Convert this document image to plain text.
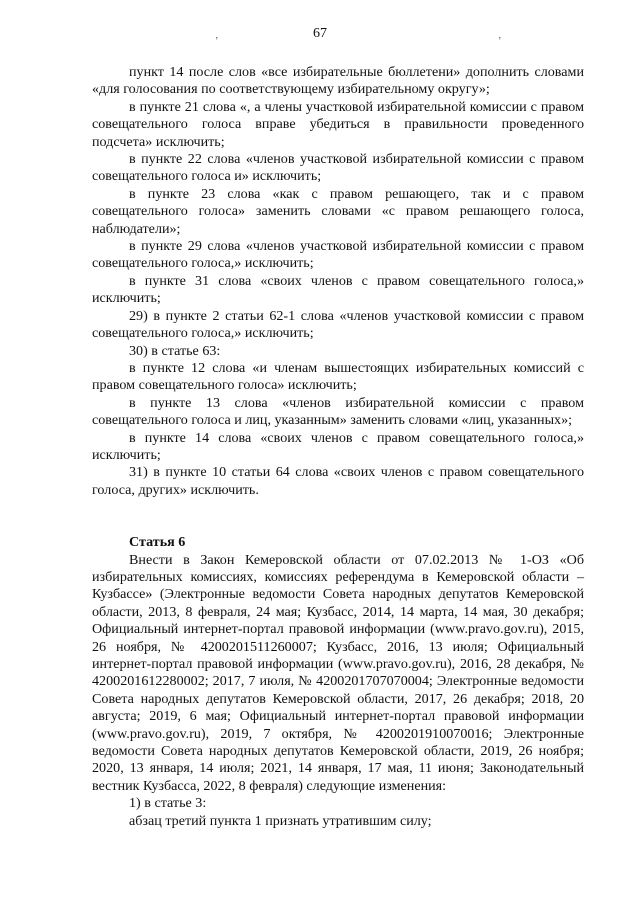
67
’	’

пункт 14 после слов «все избирательные бюллетени» дополнить словами «для голосования по соответствующему избирательному округу»;

в пункте 21 слова «, а члены участковой избирательной комиссии с правом совещательного голоса вправе убедиться в правильности проведенного подсчета» исключить;

в пункте 22 слова «членов участковой избирательной комиссии с правом совещательного голоса и» исключить;

в пункте 23 слова «как с правом решающего, так и с правом совещательного голоса» заменить словами «с правом решающего голоса, наблюдатели»;

в пункте 29 слова «членов участковой избирательной комиссии с правом совещательного голоса,» исключить;

в пункте 31 слова «своих членов с правом совещательного голоса,» исключить;

29) в пункте 2 статьи 62-1 слова «членов участковой комиссии с правом совещательного голоса,» исключить;

30) в статье 63:

в пункте 12 слова «и членам вышестоящих избирательных комиссий с правом совещательного голоса» исключить;

в пункте 13 слова «членов избирательной комиссии с правом совещательного голоса и лиц, указанным» заменить словами «лиц, указанных»;

в пункте 14 слова «своих членов с правом совещательного голоса,» исключить;

31) в пункте 10 статьи 64 слова «своих членов с правом совещательного голоса, других» исключить.

Статья 6

Внести в Закон Кемеровской области от 07.02.2013 № 1-ОЗ «Об избирательных комиссиях, комиссиях референдума в Кемеровской области – Кузбассе» (Электронные ведомости Совета народных депутатов Кемеровской области, 2013, 8 февраля, 24 мая; Кузбасс, 2014, 14 марта, 14 мая, 30 декабря; Официальный интернет-портал правовой информации (www.pravo.gov.ru), 2015, 26 ноября, № 4200201511260007; Кузбасс, 2016, 13 июля; Официальный интернет-портал правовой информации (www.pravo.gov.ru), 2016, 28 декабря, № 4200201612280002; 2017, 7 июля, № 4200201707070004; Электронные ведомости Совета народных депутатов Кемеровской области, 2017, 26 декабря; 2018, 20 августа; 2019, 6 мая; Официальный интернет-портал правовой информации (www.pravo.gov.ru), 2019, 7 октября, № 4200201910070016; Электронные ведомости Совета народных депутатов Кемеровской области, 2019, 26 ноября; 2020, 13 января, 14 июля; 2021, 14 января, 17 мая, 11 июня; Законодательный вестник Кузбасса, 2022, 8 февраля) следующие изменения:

1) в статье 3:

абзац третий пункта 1 признать утратившим силу;
